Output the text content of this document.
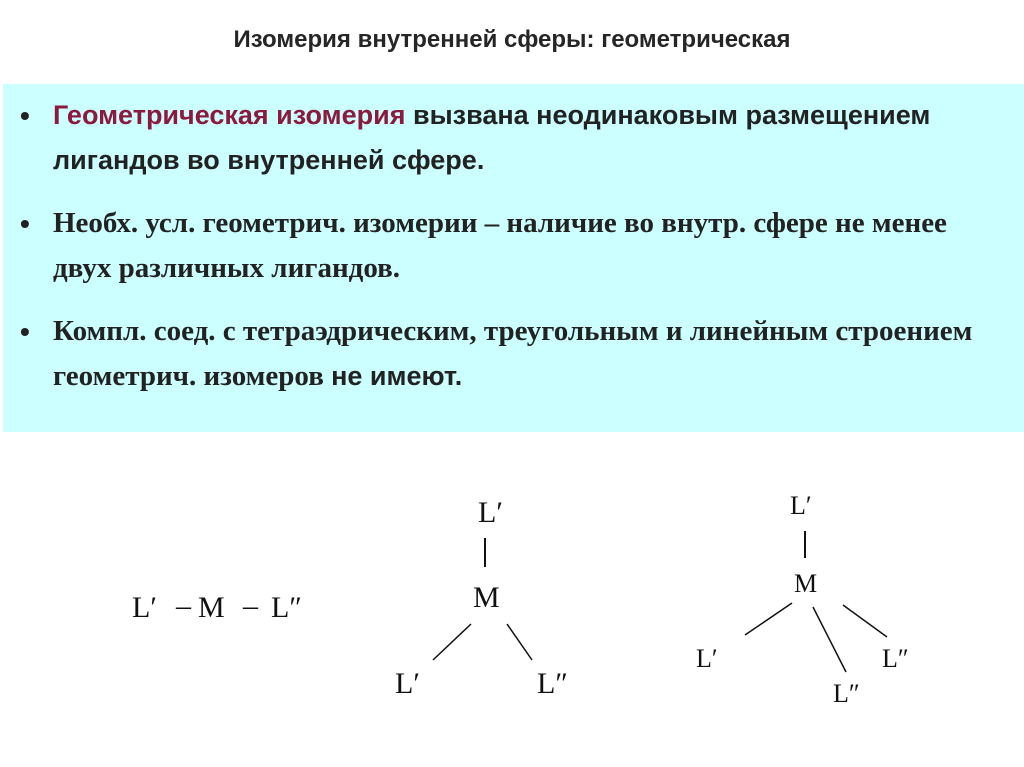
Изомерия внутренней сферы: геометрическая
• Геометрическая изомерия вызвана неодинаковым размещением лигандов во внутренней сфере.
• Необх. усл. геометрич. изомерии – наличие во внутр. сфере не менее двух различных лигандов.
• Компл. соед. с тетраэдрическим, треугольным и линейным строением геометрич. изомеров не имеют.
L′ – M – L″
L′
M
L′	L″
L′
M
L′
L″
L″
